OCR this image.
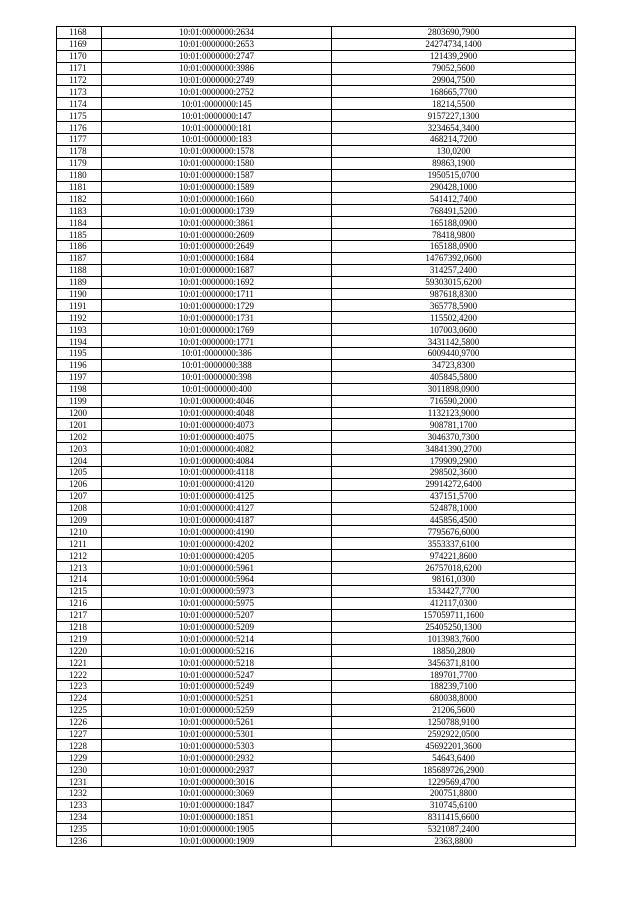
1168	10:01:0000000:2634	2803690,7900
1169	10:01:0000000:2653	24274734,1400
1170	10:01:0000000:2747	121439,2900
1171	10:01:0000000:3986	79052,5600
1172	10:01:0000000:2749	29904,7500
1173	10:01:0000000:2752	168665,7700
1174	10:01:0000000:145	18214,5500
1175	10:01:0000000:147	9157227,1300
1176	10:01:0000000:181	3234654,3400
1177	10:01:0000000:183	468214,7200
1178	10:01:0000000:1578	130,0200
1179	10:01:0000000:1580	89863,1900
1180	10:01:0000000:1587	1950515,0700
1181	10:01:0000000:1589	290428,1000
1182	10:01:0000000:1660	541412,7400
1183	10:01:0000000:1739	768491,5200
1184	10:01:0000000:3861	165188,0900
1185	10:01:0000000:2609	78418,9800
1186	10:01:0000000:2649	165188,0900
1187	10:01:0000000:1684	14767392,0600
1188	10:01:0000000:1687	314257,2400
1189	10:01:0000000:1692	59303015,6200
1190	10:01:0000000:1711	987618,8300
1191	10:01:0000000:1729	365778,5900
1192	10:01:0000000:1731	115502,4200
1193	10:01:0000000:1769	107003,0600
1194	10:01:0000000:1771	3431142,5800
1195	10:01:0000000:386	6009440,9700
1196	10:01:0000000:388	34723,8300
1197	10:01:0000000:398	405845,5800
1198	10:01:0000000:400	3011898,0900
1199	10:01:0000000:4046	716590,2000
1200	10:01:0000000:4048	1132123,9000
1201	10:01:0000000:4073	908781,1700
1202	10:01:0000000:4075	3046370,7300
1203	10:01:0000000:4082	34841390,2700
1204	10:01:0000000:4084	179909,2900
1205	10:01:0000000:4118	298502,3600
1206	10:01:0000000:4120	29914272,6400
1207	10:01:0000000:4125	437151,5700
1208	10:01:0000000:4127	524878,1000
1209	10:01:0000000:4187	445856,4500
1210	10:01:0000000:4190	7795676,6000
1211	10:01:0000000:4202	3553337,6100
1212	10:01:0000000:4205	974221,8600
1213	10:01:0000000:5961	26757018,6200
1214	10:01:0000000:5964	98161,0300
1215	10:01:0000000:5973	1534427,7700
1216	10:01:0000000:5975	412117,0300
1217	10:01:0000000:5207	157059711,1600
1218	10:01:0000000:5209	25405250,1300
1219	10:01:0000000:5214	1013983,7600
1220	10:01:0000000:5216	18850,2800
1221	10:01:0000000:5218	3456371,8100
1222	10:01:0000000:5247	189701,7700
1223	10:01:0000000:5249	188239,7100
1224	10:01:0000000:5251	680038,8000
1225	10:01:0000000:5259	21206,5600
1226	10:01:0000000:5261	1250788,9100
1227	10:01:0000000:5301	2592922,0500
1228	10:01:0000000:5303	45692201,3600
1229	10:01:0000000:2932	54643,6400
1230	10:01:0000000:2937	185689726,2900
1231	10:01:0000000:3016	1229569,4700
1232	10:01:0000000:3069	200751,8800
1233	10:01:0000000:1847	310745,6100
1234	10:01:0000000:1851	8311415,6600
1235	10:01:0000000:1905	5321087,2400
1236	10:01:0000000:1909	2363,8800
